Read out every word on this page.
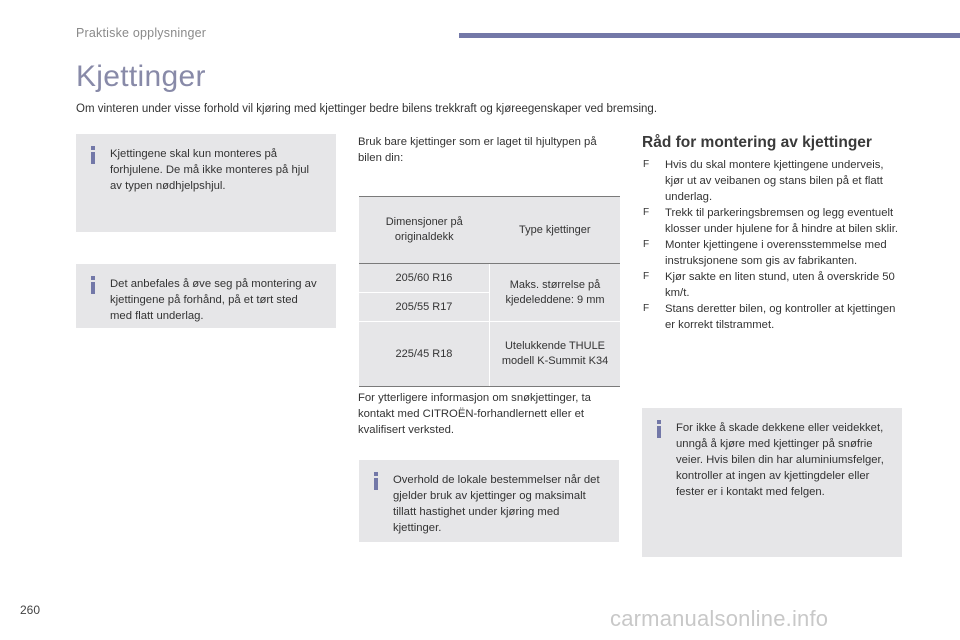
Praktiske opplysninger
Kjettinger

Om vinteren under visse forhold vil kjøring med kjettinger bedre bilens trekkraft og kjøreegenskaper ved bremsing.

Kjettingene skal kun monteres på forhjulene. De må ikke monteres på hjul av typen nødhjelpshjul.
Det anbefales å øve seg på montering av kjettingene på forhånd, på et tørt sted med flatt underlag.

Bruk bare kjettinger som er laget til hjultypen på bilen din:

Dimensjoner på originaldekk	Type kjettinger
205/60 R16	Maks. størrelse på kjedeleddene: 9 mm
205/55 R17	
225/45 R18	Utelukkende THULE modell K-Summit K34

For ytterligere informasjon om snøkjettinger, ta kontakt med CITROËN-forhandlernett eller et kvalifisert verksted.

Overhold de lokale bestemmelser når det gjelder bruk av kjettinger og maksimalt tillatt hastighet under kjøring med kjettinger.
Råd for montering av kjettinger
F	Hvis du skal montere kjettingene underveis, kjør ut av veibanen og stans bilen på et flatt underlag.
F	Trekk til parkeringsbremsen og legg eventuelt klosser under hjulene for å hindre at bilen sklir.
F	Monter kjettingene i overensstemmelse med instruksjonene som gis av fabrikanten.
F	Kjør sakte en liten stund, uten å overskride 50 km/t.
F	Stans deretter bilen, og kontroller at kjettingen er korrekt tilstrammet.
For ikke å skade dekkene eller veidekket, unngå å kjøre med kjettinger på snøfrie veier. Hvis bilen din har aluminiumsfelger, kontroller at ingen av kjettingdeler eller fester er i kontakt med felgen.
260	carmanualsonline.info
